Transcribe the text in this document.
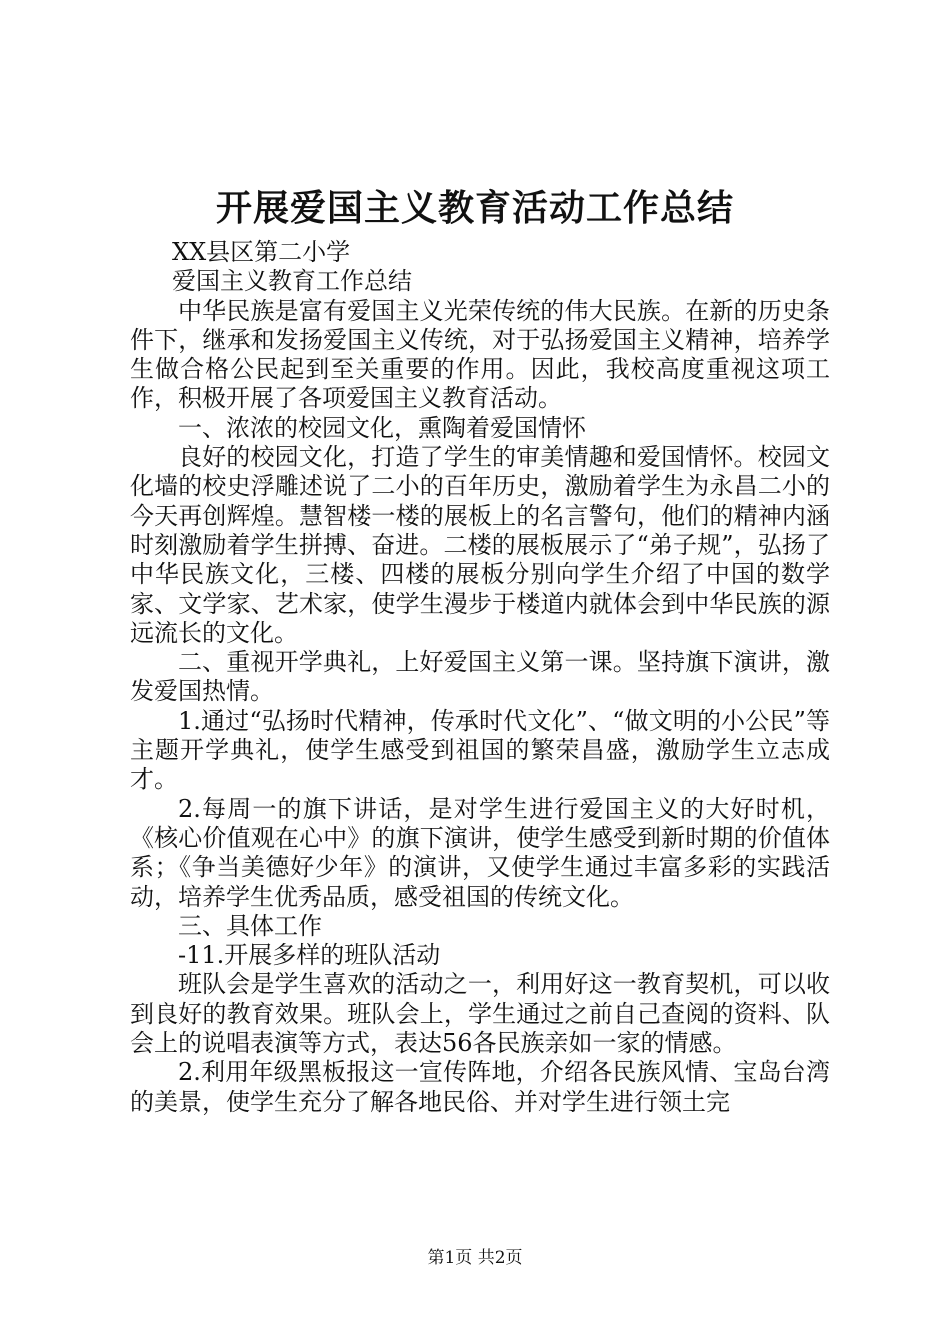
开展爱国主义教育活动工作总结

XX县区第二小学

爱国主义教育工作总结

中华民族是富有爱国主义光荣传统的伟大民族。在新的历史条件下，继承和发扬爱国主义传统，对于弘扬爱国主义精神，培养学生做合格公民起到至关重要的作用。因此，我校高度重视这项工作，积极开展了各项爱国主义教育活动。

一、浓浓的校园文化，熏陶着爱国情怀

良好的校园文化，打造了学生的审美情趣和爱国情怀。校园文化墙的校史浮雕述说了二小的百年历史，激励着学生为永昌二小的今天再创辉煌。慧智楼一楼的展板上的名言警句，他们的精神内涵时刻激励着学生拼搏、奋进。二楼的展板展示了“弟子规”，弘扬了中华民族文化，三楼、四楼的展板分别向学生介绍了中国的数学家、文学家、艺术家，使学生漫步于楼道内就体会到中华民族的源远流长的文化。

二、重视开学典礼，上好爱国主义第一课。坚持旗下演讲，激发爱国热情。

1.通过“弘扬时代精神，传承时代文化”、“做文明的小公民”等主题开学典礼，使学生感受到祖国的繁荣昌盛，激励学生立志成才。

2.每周一的旗下讲话，是对学生进行爱国主义的大好时机，《核心价值观在心中》的旗下演讲，使学生感受到新时期的价值体系；《争当美德好少年》的演讲，又使学生通过丰富多彩的实践活动，培养学生优秀品质，感受祖国的传统文化。

三、具体工作

-11.开展多样的班队活动

班队会是学生喜欢的活动之一，利用好这一教育契机，可以收到良好的教育效果。班队会上，学生通过之前自己查阅的资料、队会上的说唱表演等方式，表达56各民族亲如一家的情感。

2.利用年级黑板报这一宣传阵地，介绍各民族风情、宝岛台湾的美景，使学生充分了解各地民俗、并对学生进行领土完

第1页 共2页
